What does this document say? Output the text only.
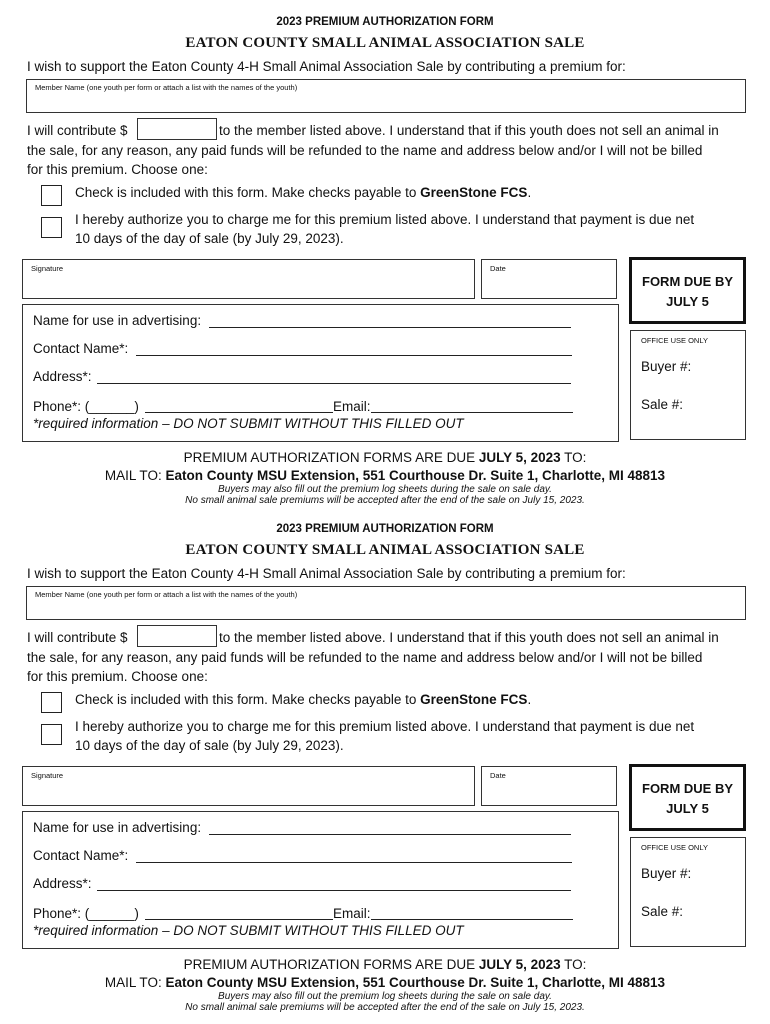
2023 PREMIUM AUTHORIZATION FORM
EATON COUNTY SMALL ANIMAL ASSOCIATION SALE
I wish to support the Eaton County 4-H Small Animal Association Sale by contributing a premium for:
Member Name (one youth per form or attach a list with the names of the youth)
I will contribute $	to the member listed above. I understand that if this youth does not sell an animal in
the sale, for any reason, any paid funds will be refunded to the name and address below and/or I will not be billed
for this premium. Choose one:
Check is included with this form. Make checks payable to GreenStone FCS.
I hereby authorize you to charge me for this premium listed above. I understand that payment is due net
10 days of the day of sale (by July 29, 2023).
Signature	Date
FORM DUE BY
JULY 5
Name for use in advertising:
Contact Name*:
Address*:
Phone*: (______)	Email:
*required information – DO NOT SUBMIT WITHOUT THIS FILLED OUT
OFFICE USE ONLY
Buyer #:
Sale #:
PREMIUM AUTHORIZATION FORMS ARE DUE JULY 5, 2023 TO:
MAIL TO: Eaton County MSU Extension, 551 Courthouse Dr. Suite 1, Charlotte, MI 48813
Buyers may also fill out the premium log sheets during the sale on sale day.
No small animal sale premiums will be accepted after the end of the sale on July 15, 2023.
2023 PREMIUM AUTHORIZATION FORM
EATON COUNTY SMALL ANIMAL ASSOCIATION SALE
I wish to support the Eaton County 4-H Small Animal Association Sale by contributing a premium for:
Member Name (one youth per form or attach a list with the names of the youth)
I will contribute $	to the member listed above. I understand that if this youth does not sell an animal in
the sale, for any reason, any paid funds will be refunded to the name and address below and/or I will not be billed
for this premium. Choose one:
Check is included with this form. Make checks payable to GreenStone FCS.
I hereby authorize you to charge me for this premium listed above. I understand that payment is due net
10 days of the day of sale (by July 29, 2023).
Signature	Date
FORM DUE BY
JULY 5
Name for use in advertising:
Contact Name*:
Address*:
Phone*: (______)	Email:
*required information – DO NOT SUBMIT WITHOUT THIS FILLED OUT
OFFICE USE ONLY
Buyer #:
Sale #:
PREMIUM AUTHORIZATION FORMS ARE DUE JULY 5, 2023 TO:
MAIL TO: Eaton County MSU Extension, 551 Courthouse Dr. Suite 1, Charlotte, MI 48813
Buyers may also fill out the premium log sheets during the sale on sale day.
No small animal sale premiums will be accepted after the end of the sale on July 15, 2023.
